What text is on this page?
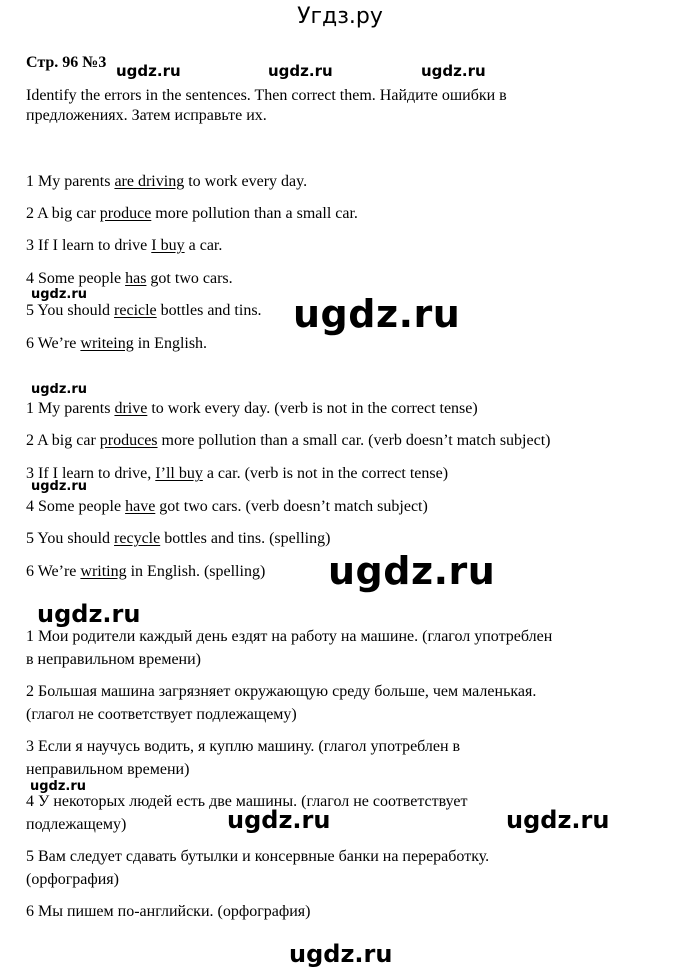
Угдз.ру
Стр. 96 №3
Identify the errors in the sentences. Then correct them. Найдите ошибки в
предложениях. Затем исправьте их.
1 My parents are driving to work every day.
2 A big car produce more pollution than a small car.
3 If I learn to drive I buy a car.
4 Some people has got two cars.
5 You should recicle bottles and tins.
6 We’re writeing in English.
1 My parents drive to work every day. (verb is not in the correct tense)
2 A big car produces more pollution than a small car. (verb doesn’t match subject)
3 If I learn to drive, I’ll buy a car. (verb is not in the correct tense)
4 Some people have got two cars. (verb doesn’t match subject)
5 You should recycle bottles and tins. (spelling)
6 We’re writing in English. (spelling)
1 Мои родители каждый день ездят на работу на машине. (глагол употреблен
в неправильном времени)
2 Большая машина загрязняет окружающую среду больше, чем маленькая.
(глагол не соответствует подлежащему)
3 Если я научусь водить, я куплю машину. (глагол употреблен в
неправильном времени)
4 У некоторых людей есть две машины. (глагол не соответствует
подлежащему)
5 Вам следует сдавать бутылки и консервные банки на переработку.
(орфография)
6 Мы пишем по-английски. (орфография)
ugdz.ru	ugdz.ru	ugdz.ru
ugdz.ru	ugdz.ru
ugdz.ru
ugdz.ru
ugdz.ru
ugdz.ru
ugdz.ru
ugdz.ru	ugdz.ru
ugdz.ru
